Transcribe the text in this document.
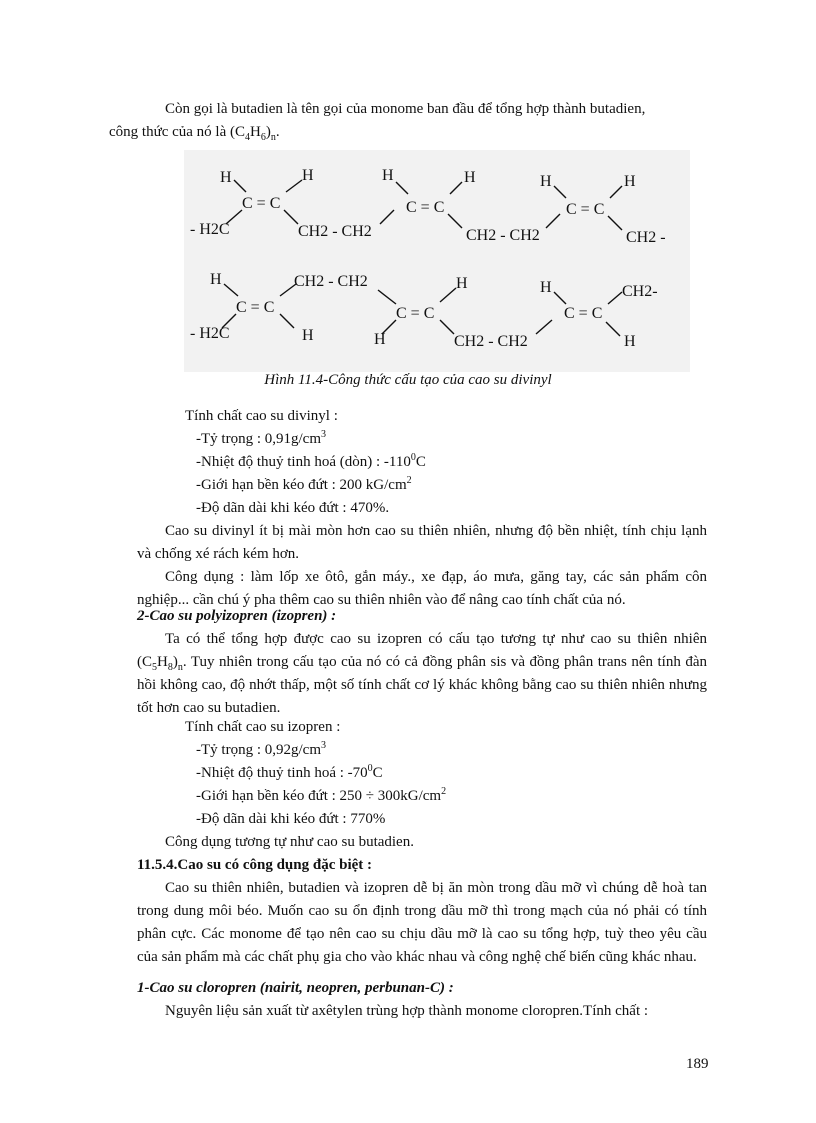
Còn gọi là butadien là tên gọi của monome ban đầu để tổng hợp thành butadien,
công thức của nó là $(C_4H_6)_n$.

H
C = C
H
- H2C	CH2 - CH2
H
C = C
H
CH2 - CH2
H
C = C
H
CH2 -
H
C = C
CH2 - CH2
- H2C	H
C = C
H
H	CH2 - CH2
H
C = C
CH2-
H

Hình 11.4-Công thức cấu tạo của cao su divinyl

Tính chất cao su divinyl :

-Tỷ trọng : $0,91g/cm^3$

-Nhiệt độ thuỷ tinh hoá (dòn) : $-110^0C$

-Giới hạn bền kéo đứt : 200 $kG/cm^2$

-Độ dãn dài khi kéo đứt : 470%.

Cao su divinyl ít bị mài mòn hơn cao su thiên nhiên, nhưng độ bền nhiệt, tính chịu lạnh và chống xé rách kém hơn.

Công dụng : làm lốp xe ôtô, gắn máy., xe đạp, áo mưa, găng tay, các sản phẩm côn nghiệp... cần chú ý pha thêm cao su thiên nhiên vào để nâng cao tính chất của nó.

2-Cao su polyizopren (izopren) :

Ta có thể tổng hợp được cao su izopren có cấu tạo tương tự như cao su thiên nhiên $(C_5H_8)_n$. Tuy nhiên trong cấu tạo của nó có cả đồng phân sis và đồng phân trans nên tính đàn hồi không cao, độ nhớt thấp, một số tính chất cơ lý khác không bằng cao su thiên nhiên nhưng tốt hơn cao su butadien.

Tính chất cao su izopren :

-Tỷ trọng : $0,92g/cm^3$

-Nhiệt độ thuỷ tinh hoá : $-70^0C$

-Giới hạn bền kéo đứt : $250 \div 300kG/cm^2$

-Độ dãn dài khi kéo đứt : 770%

Công dụng tương tự như cao su butadien.

11.5.4.Cao su có công dụng đặc biệt :

Cao su thiên nhiên, butadien và izopren dễ bị ăn mòn trong dầu mỡ vì chúng dễ hoà tan trong dung môi béo. Muốn cao su ổn định trong dầu mỡ thì trong mạch của nó phải có tính phân cực. Các monome để tạo nên cao su chịu dầu mỡ là cao su tổng hợp, tuỳ theo yêu cầu của sản phẩm mà các chất phụ gia cho vào khác nhau và công nghệ chế biến cũng khác nhau.

1-Cao su cloropren (nairit, neopren, perbunan-C) :

Nguyên liệu sản xuất từ axêtylen trùng hợp thành monome cloropren.Tính chất :

189
